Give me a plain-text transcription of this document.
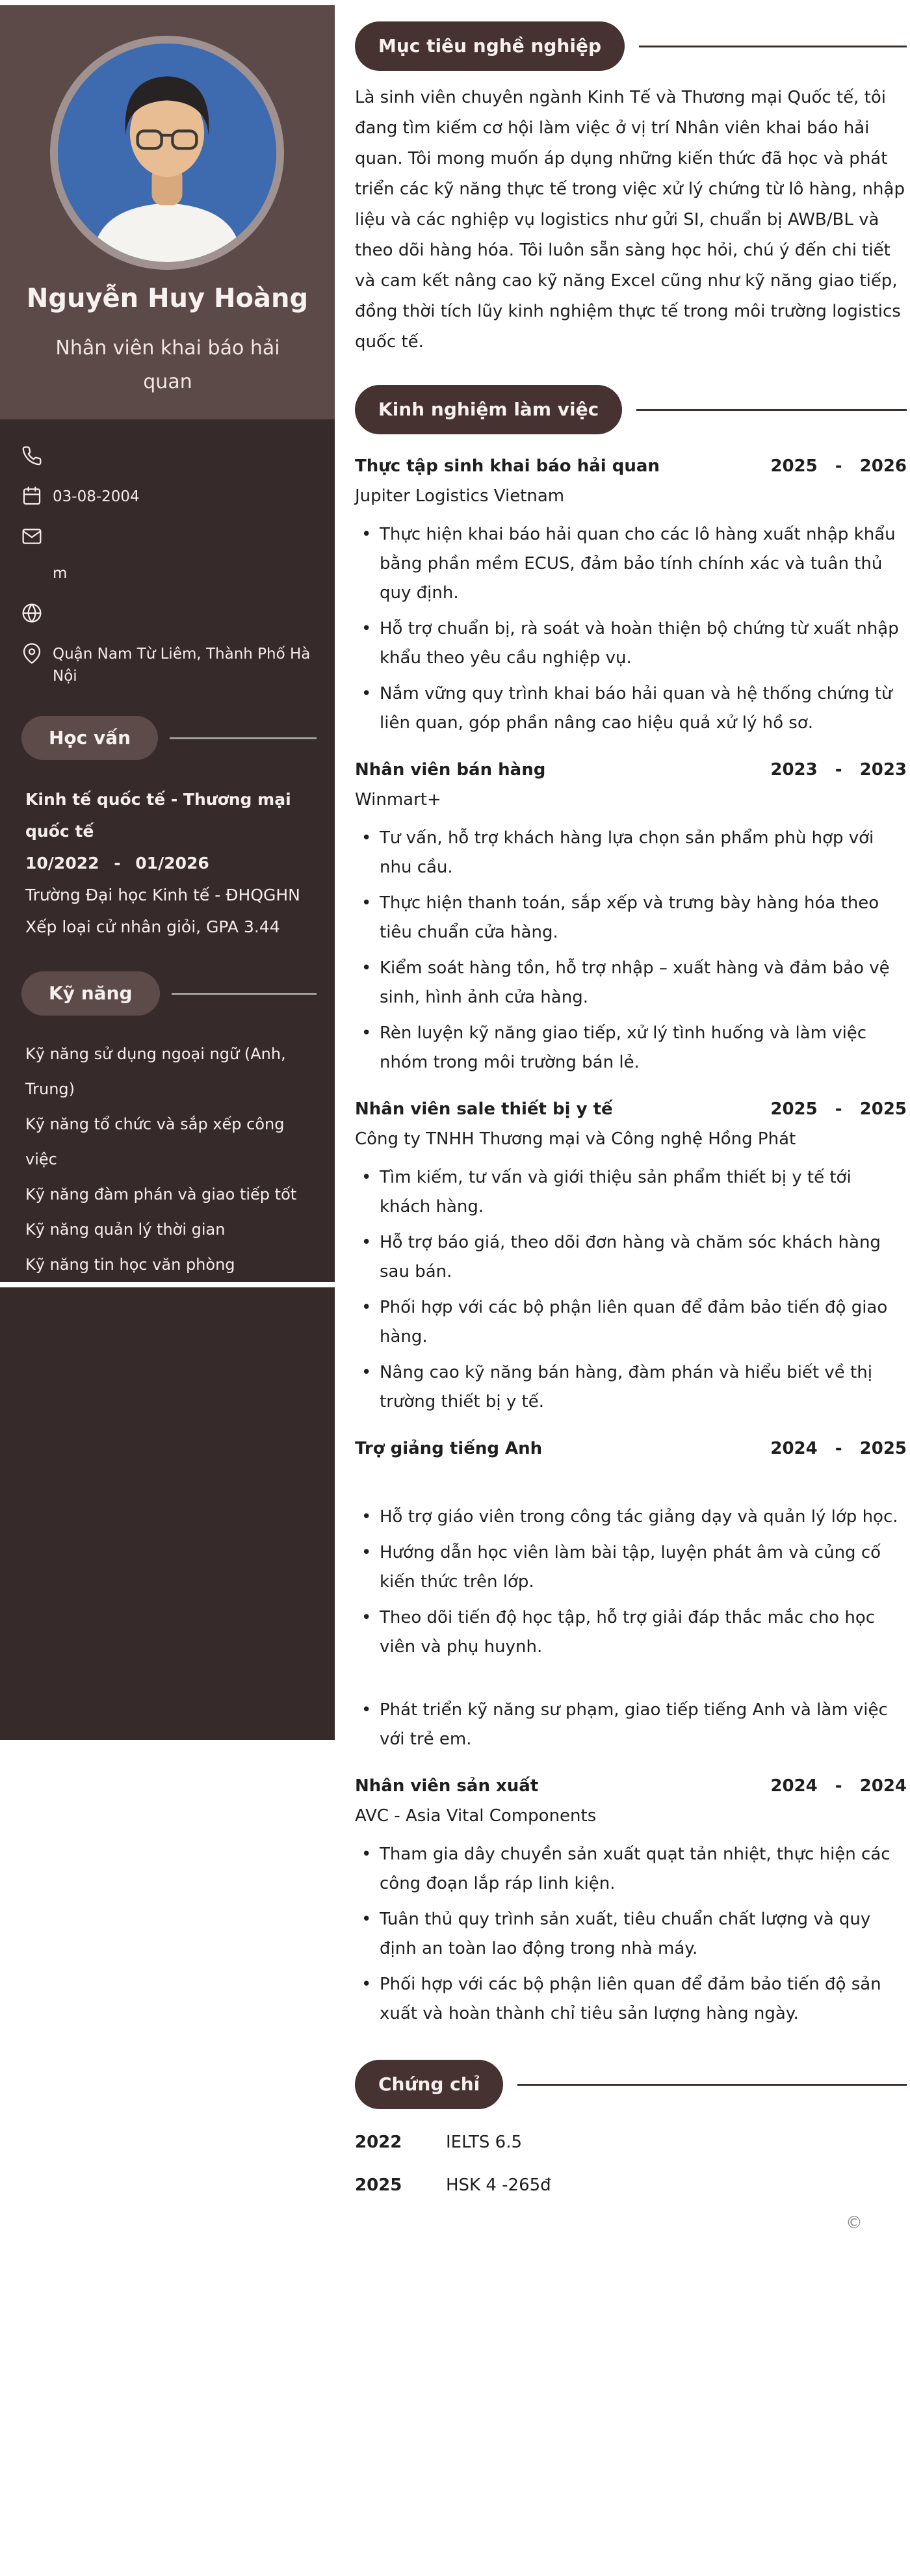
Nguyễn Huy Hoàng
Nhân viên khai báo hải quan
03-08-2004
m
Quận Nam Từ Liêm, Thành Phố Hà Nội
Học vấn
Kinh tế quốc tế - Thương mại quốc tế
10/2022 - 01/2026
Trường Đại học Kinh tế - ĐHQGHN
Xếp loại cử nhân giỏi, GPA 3.44
Kỹ năng
Kỹ năng sử dụng ngoại ngữ (Anh, Trung)
Kỹ năng tổ chức và sắp xếp công việc
Kỹ năng đàm phán và giao tiếp tốt
Kỹ năng quản lý thời gian
Kỹ năng tin học văn phòng
Mục tiêu nghề nghiệp

Là sinh viên chuyên ngành Kinh Tế và Thương mại Quốc tế, tôi đang tìm kiếm cơ hội làm việc ở vị trí Nhân viên khai báo hải quan. Tôi mong muốn áp dụng những kiến thức đã học và phát triển các kỹ năng thực tế trong việc xử lý chứng từ lô hàng, nhập liệu và các nghiệp vụ logistics như gửi SI, chuẩn bị AWB/BL và theo dõi hàng hóa. Tôi luôn sẵn sàng học hỏi, chú ý đến chi tiết và cam kết nâng cao kỹ năng Excel cũng như kỹ năng giao tiếp, đồng thời tích lũy kinh nghiệm thực tế trong môi trường logistics quốc tế.

Kinh nghiệm làm việc
Thực tập sinh khai báo hải quan	2025 - 2026
Jupiter Logistics Vietnam
• Thực hiện khai báo hải quan cho các lô hàng xuất nhập khẩu bằng phần mềm ECUS, đảm bảo tính chính xác và tuân thủ quy định.
• Hỗ trợ chuẩn bị, rà soát và hoàn thiện bộ chứng từ xuất nhập khẩu theo yêu cầu nghiệp vụ.
• Nắm vững quy trình khai báo hải quan và hệ thống chứng từ liên quan, góp phần nâng cao hiệu quả xử lý hồ sơ.
Nhân viên bán hàng	2023 - 2023
Winmart+
• Tư vấn, hỗ trợ khách hàng lựa chọn sản phẩm phù hợp với nhu cầu.
• Thực hiện thanh toán, sắp xếp và trưng bày hàng hóa theo tiêu chuẩn cửa hàng.
• Kiểm soát hàng tồn, hỗ trợ nhập – xuất hàng và đảm bảo vệ sinh, hình ảnh cửa hàng.
• Rèn luyện kỹ năng giao tiếp, xử lý tình huống và làm việc nhóm trong môi trường bán lẻ.
Nhân viên sale thiết bị y tế	2025 - 2025
Công ty TNHH Thương mại và Công nghệ Hồng Phát
• Tìm kiếm, tư vấn và giới thiệu sản phẩm thiết bị y tế tới khách hàng.
• Hỗ trợ báo giá, theo dõi đơn hàng và chăm sóc khách hàng sau bán.
• Phối hợp với các bộ phận liên quan để đảm bảo tiến độ giao hàng.
• Nâng cao kỹ năng bán hàng, đàm phán và hiểu biết về thị trường thiết bị y tế.
Trợ giảng tiếng Anh	2024 - 2025
• Hỗ trợ giáo viên trong công tác giảng dạy và quản lý lớp học.
• Hướng dẫn học viên làm bài tập, luyện phát âm và củng cố kiến thức trên lớp.
• Theo dõi tiến độ học tập, hỗ trợ giải đáp thắc mắc cho học viên và phụ huynh.
• Phát triển kỹ năng sư phạm, giao tiếp tiếng Anh và làm việc với trẻ em.
Nhân viên sản xuất	2024 - 2024
AVC - Asia Vital Components
• Tham gia dây chuyền sản xuất quạt tản nhiệt, thực hiện các công đoạn lắp ráp linh kiện.
• Tuân thủ quy trình sản xuất, tiêu chuẩn chất lượng và quy định an toàn lao động trong nhà máy.
• Phối hợp với các bộ phận liên quan để đảm bảo tiến độ sản xuất và hoàn thành chỉ tiêu sản lượng hàng ngày.
Chứng chỉ
2022	IELTS 6.5
2025	HSK 4 -265đ
©
